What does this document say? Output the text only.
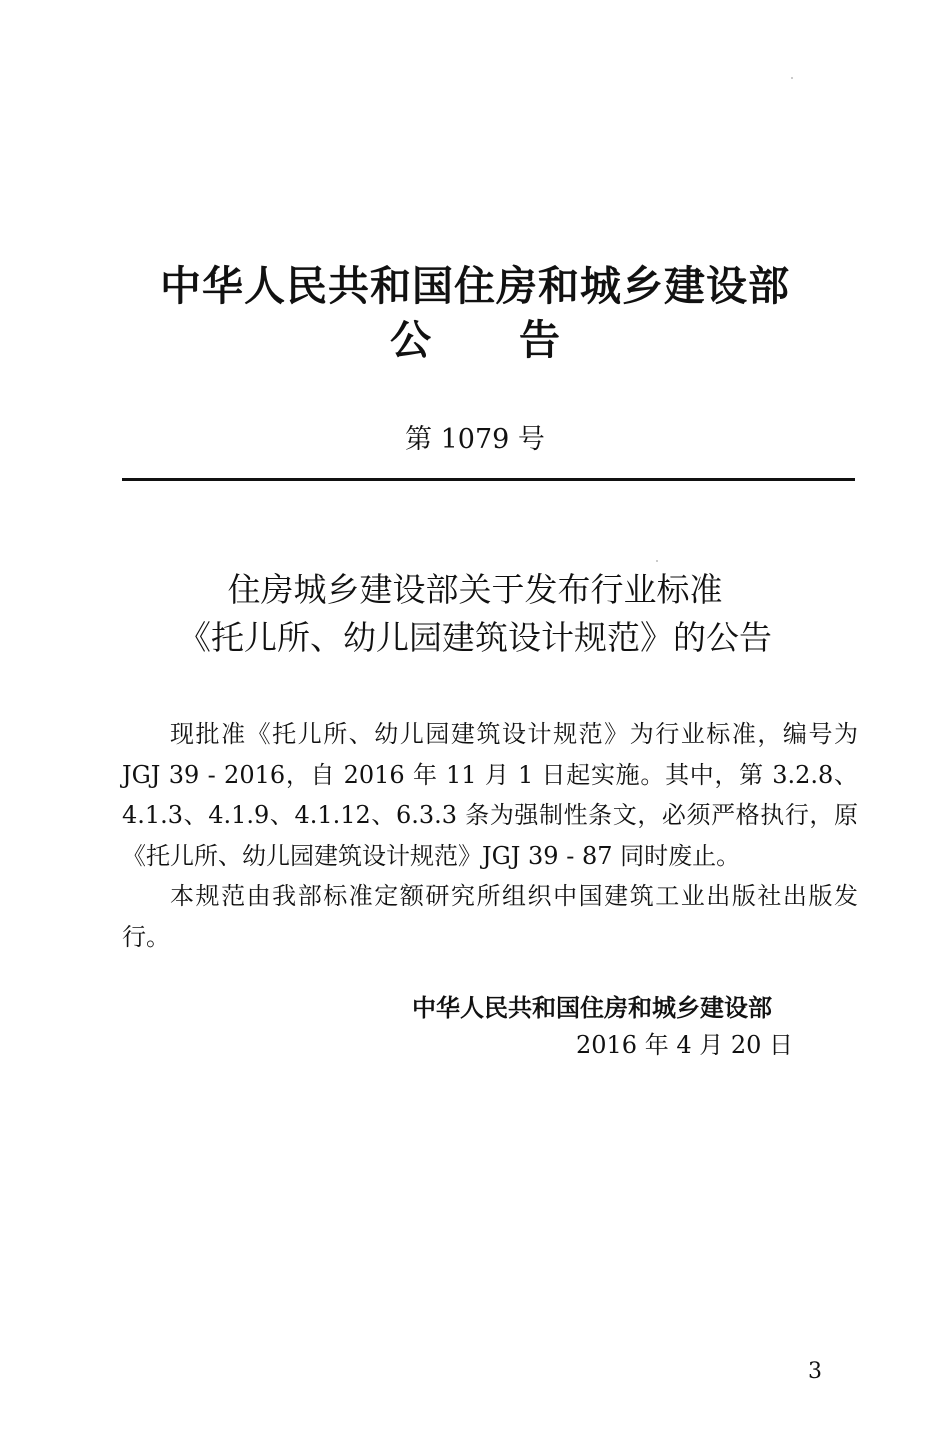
中华人民共和国住房和城乡建设部
公告
第 1079 号
住房城乡建设部关于发布行业标准
《托儿所、幼儿园建筑设计规范》的公告

现批准《托儿所、幼儿园建筑设计规范》为行业标准，编号为 JGJ 39 - 2016，自 2016 年 11 月 1 日起实施。其中，第 3.2.8、4.1.3、4.1.9、4.1.12、6.3.3 条为强制性条文，必须严格执行，原《托儿所、幼儿园建筑设计规范》JGJ 39 - 87 同时废止。

本规范由我部标准定额研究所组织中国建筑工业出版社出版发行。

中华人民共和国住房和城乡建设部
2016 年 4 月 20 日
3
